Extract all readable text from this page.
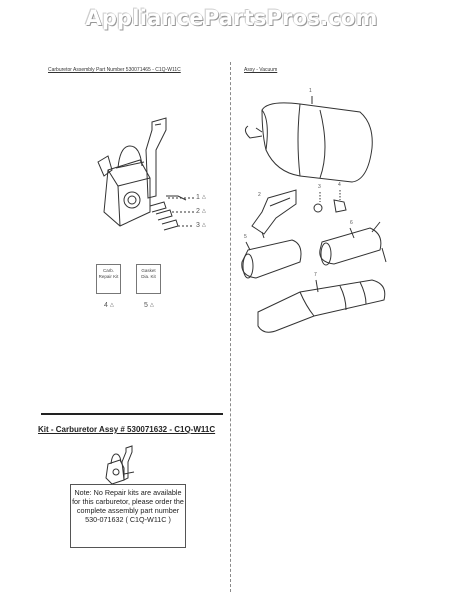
AppliancePartsPros.com
Carburetor Assembly Part Number 530071465 - C1Q-W11C	Assy - Vacuum
1
2
3
△
△
△
Carb. Repair Kit
Gasket Dia. Kit
4 △	5 △
1
2
3	4
5
6
7
Kit - Carburetor Assy # 530071632 - C1Q-W11C
Note: No Repair kits are available for this carburetor, please order the complete assembly part number 530-071632 ( C1Q-W11C )
